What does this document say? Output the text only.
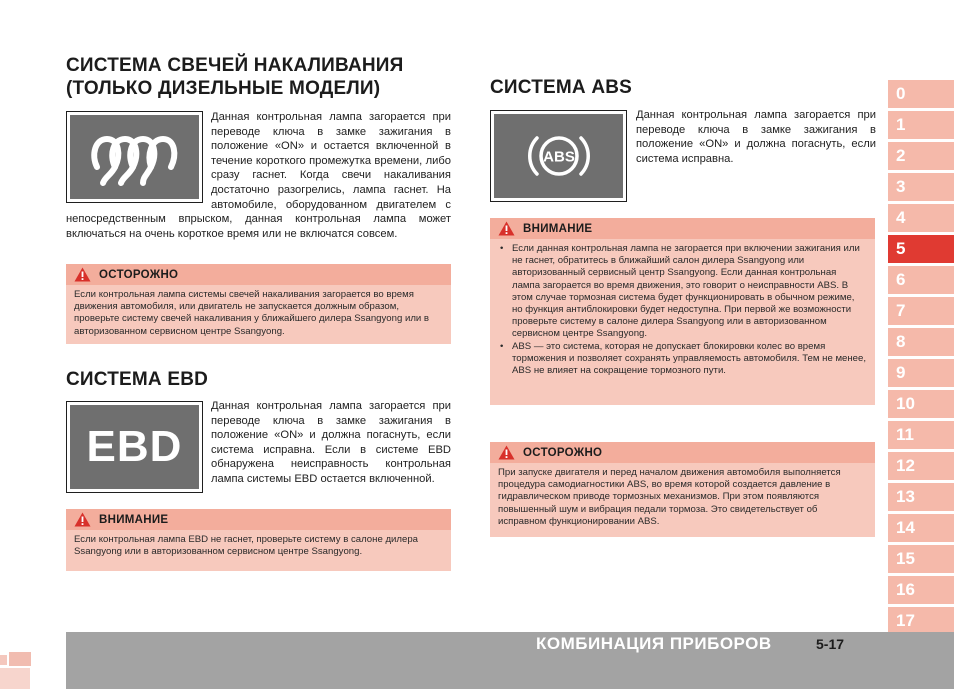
СИСТЕМА СВЕЧЕЙ НАКАЛИВАНИЯ
(ТОЛЬКО ДИЗЕЛЬНЫЕ МОДЕЛИ)
Данная контрольная лампа загорается при переводе ключа в замке зажигания в положение «ON» и остается включенной в течение короткого промежутка времени, либо сразу гаснет. Когда свечи накаливания достаточно разогрелись, лампа гаснет. На автомобиле, оборудованном двигателем с непосредственным впрыском, данная контрольная лампа может включаться на очень короткое время или не включатся совсем.
ОСТОРОЖНО
Если контрольная лампа системы свечей накаливания загорается во время движения автомобиля, или двигатель не запускается должным образом, проверьте систему свечей накаливания у ближайшего дилера Ssangyong или в авторизованном сервисном центре Ssangyong.
СИСТЕМА EBD
EBD
Данная контрольная лампа загорается при переводе ключа в замке зажигания в положение «ON» и должна погаснуть, если система исправна. Если в системе EBD обнаружена неисправность контрольная лампа системы EBD остается включенной.
ВНИМАНИЕ
Если контрольная лампа EBD не гаснет, проверьте систему в салоне дилера Ssangyong или в авторизованном сервисном центре Ssangyong.
СИСТЕМА ABS
ABS
Данная контрольная лампа загорается при переводе ключа в замке зажигания в положение «ON» и должна погаснуть, если система исправна.
ВНИМАНИЕ
• Если данная контрольная лампа не загорается при включении зажигания или не гаснет, обратитесь в ближайший салон дилера Ssangyong или авторизованный сервисный центр Ssangyong. Если данная контрольная лампа загорается во время движения, это говорит о неисправности ABS. В этом случае тормозная система будет функционировать в обычном режиме, но функция антиблокировки будет недоступна. При первой же возможности проверьте систему в салоне дилера Ssangyong или в авторизованном сервисном центре Ssangyong.
• ABS — это система, которая не допускает блокировки колес во время торможения и позволяет сохранять управляемость автомобиля. Тем не менее, ABS не влияет на сокращение тормозного пути.
ОСТОРОЖНО
При запуске двигателя и перед началом движения автомобиля выполняется процедура самодиагностики ABS, во время которой создается давление в гидравлическом приводе тормозных механизмов. При этом появляются повышенный шум и вибрация педали тормоза. Это свидетельствует об исправном функционировании ABS.
0
1
2
3
4
5
6
7
8
9
10
11
12
13
14
15
16
17
КОМБИНАЦИЯ ПРИБОРОВ	5-17
